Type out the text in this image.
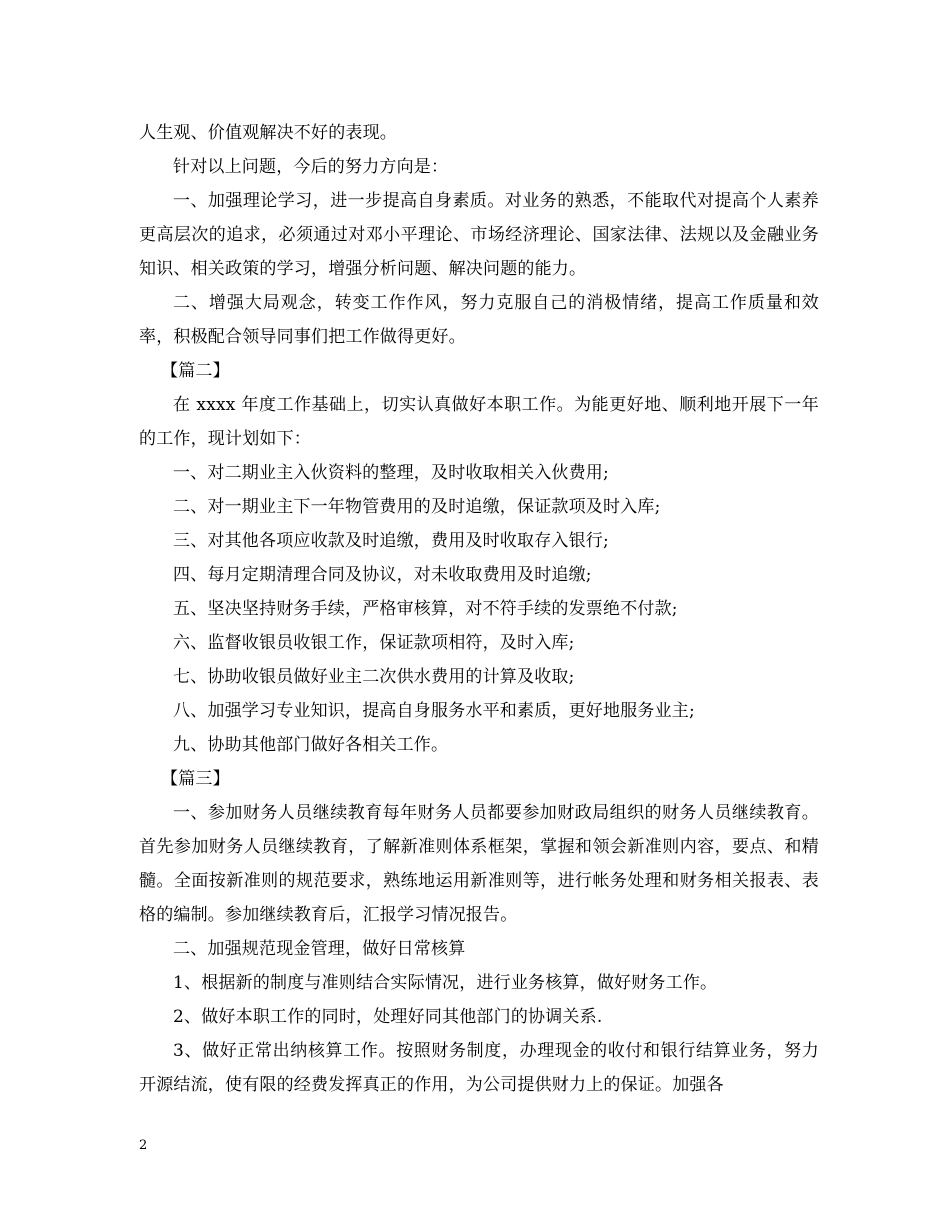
人生观、价值观解决不好的表现。

针对以上问题，今后的努力方向是：

一、加强理论学习，进一步提高自身素质。对业务的熟悉，不能取代对提高个人素养更高层次的追求，必须通过对邓小平理论、市场经济理论、国家法律、法规以及金融业务知识、相关政策的学习，增强分析问题、解决问题的能力。

二、增强大局观念，转变工作作风，努力克服自己的消极情绪，提高工作质量和效率，积极配合领导同事们把工作做得更好。

【篇二】

在 xxxx 年度工作基础上，切实认真做好本职工作。为能更好地、顺利地开展下一年的工作，现计划如下：

一、对二期业主入伙资料的整理，及时收取相关入伙费用;

二、对一期业主下一年物管费用的及时追缴，保证款项及时入库;

三、对其他各项应收款及时追缴，费用及时收取存入银行;

四、每月定期清理合同及协议，对未收取费用及时追缴;

五、坚决坚持财务手续，严格审核算，对不符手续的发票绝不付款;

六、监督收银员收银工作，保证款项相符，及时入库;

七、协助收银员做好业主二次供水费用的计算及收取;

八、加强学习专业知识，提高自身服务水平和素质，更好地服务业主;

九、协助其他部门做好各相关工作。

【篇三】

一、参加财务人员继续教育每年财务人员都要参加财政局组织的财务人员继续教育。首先参加财务人员继续教育，了解新准则体系框架，掌握和领会新准则内容，要点、和精髓。全面按新准则的规范要求，熟练地运用新准则等，进行帐务处理和财务相关报表、表格的编制。参加继续教育后，汇报学习情况报告。

二、加强规范现金管理，做好日常核算

1、根据新的制度与准则结合实际情况，进行业务核算，做好财务工作。

2、做好本职工作的同时，处理好同其他部门的协调关系.

3、做好正常出纳核算工作。按照财务制度，办理现金的收付和银行结算业务，努力开源结流，使有限的经费发挥真正的作用，为公司提供财力上的保证。加强各

2
